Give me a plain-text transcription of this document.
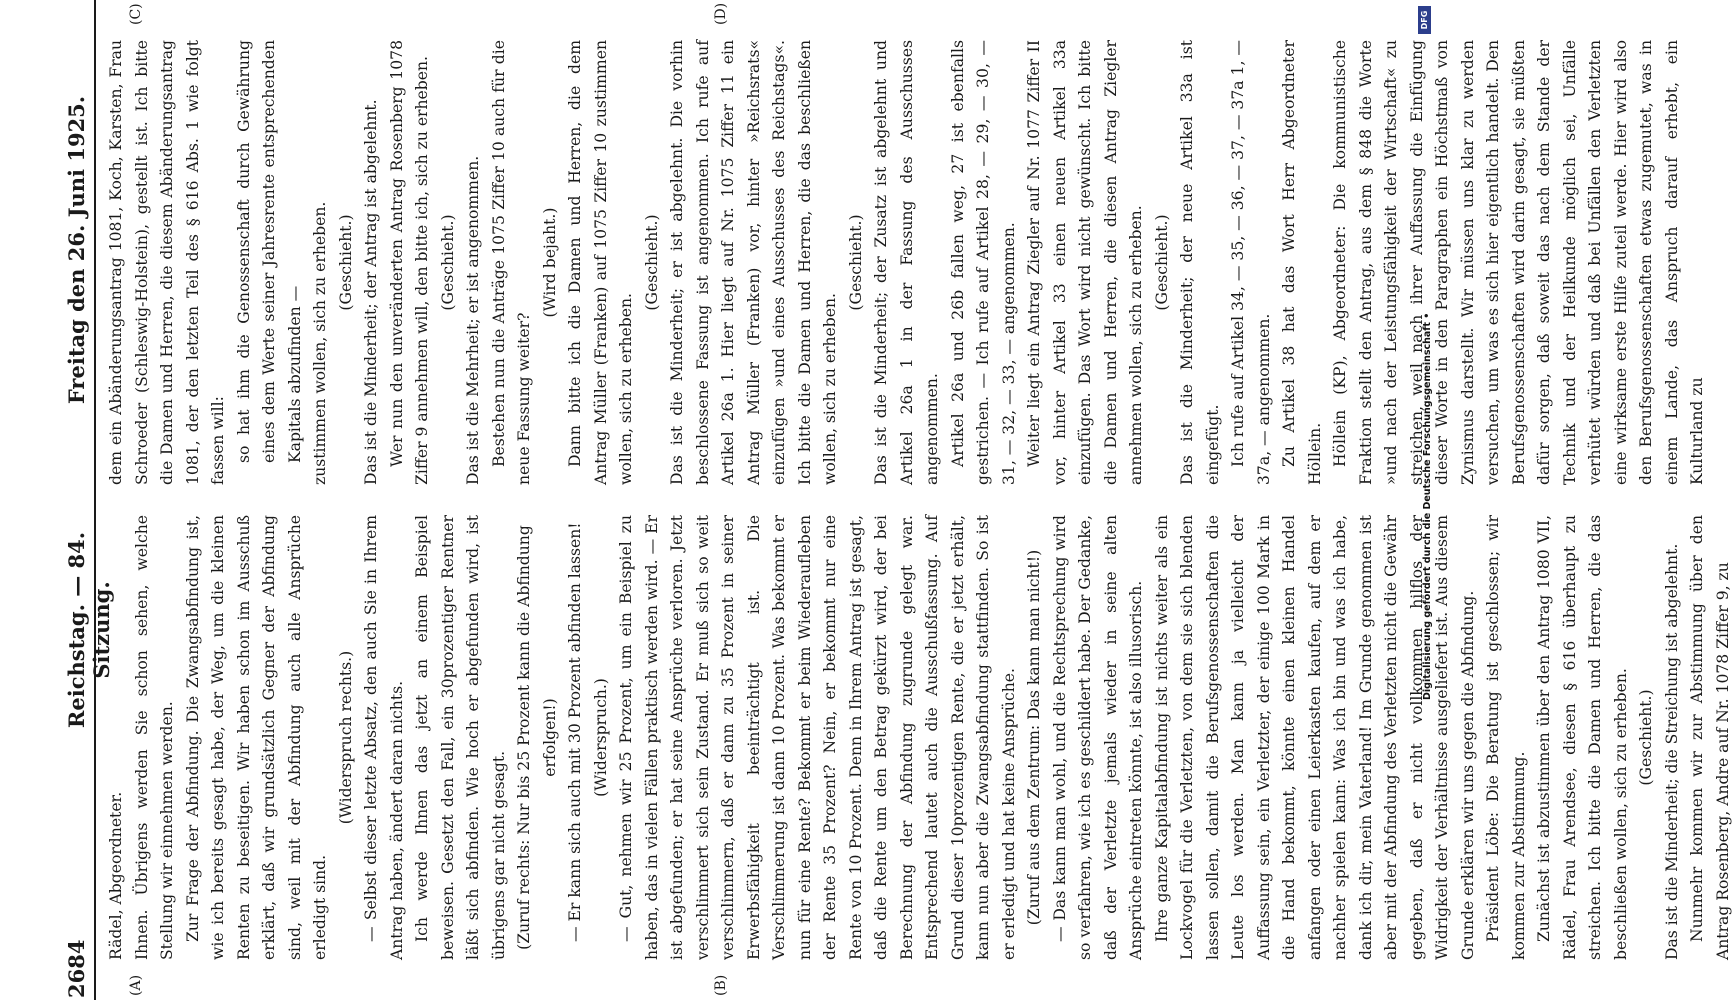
2684
Reichstag. — 84. Sitzung.
Freitag den 26. Juni 1925.
(A)	(B)
(C)	(D)

Rädel, Abgeordneter. Ihnen. Übrigens werden Sie schon sehen, welche Stellung wir einnehmen werden. Zur Frage der Abfindung. Die Zwangsabfindung ist, wie ich bereits gesagt habe, der Weg, um die kleinen Renten zu beseitigen. Wir haben schon im Ausschuß erklärt, daß wir grundsätzlich Gegner der Abfindung sind, weil mit der Abfindung auch alle Ansprüche erledigt sind.

(Widerspruch rechts.) — Selbst dieser letzte Absatz, den auch Sie in Ihrem Antrag haben, ändert daran nichts. Ich werde Ihnen das jetzt an einem Beispiel beweisen. Gesetzt den Fall, ein 30prozentiger Rentner läßt sich abfinden. Wie hoch er abgefunden wird, ist übrigens gar nicht gesagt. (Zuruf rechts: Nur bis 25 Prozent kann die Abfindung erfolgen!) — Er kann sich auch mit 30 Prozent abfinden lassen! (Widerspruch.) — Gut, nehmen wir 25 Prozent, um ein Beispiel zu haben, das in vielen Fällen praktisch werden wird. — Er ist abgefunden; er hat seine Ansprüche verloren. Jetzt verschlimmert sich sein Zustand. Er muß sich so weit verschlimmern, daß er dann zu 35 Prozent in seiner Erwerbsfähigkeit beeinträchtigt ist. Die Verschlimmerung ist dann 10 Prozent. Was bekommt er nun für eine Rente? Bekommt er beim Wiederaufleben der Rente 35 Prozent? Nein, er bekommt nur eine Rente von 10 Prozent. Denn in Ihrem Antrag ist gesagt, daß die Rente um den Betrag gekürzt wird, der bei Berechnung der Abfindung zugrunde gelegt war. Entsprechend lautet auch die Ausschußfassung. Auf Grund dieser 10prozentigen Rente, die er jetzt erhält, kann nun aber die Zwangsabfindung stattfinden. So ist er erledigt und hat keine Ansprüche. (Zuruf aus dem Zentrum: Das kann man nicht!) — Das kann man wohl, und die Rechtsprechung wird so verfahren, wie ich es geschildert habe. Der Gedanke, daß der Verletzte jemals wieder in seine alten Ansprüche eintreten könnte, ist also illusorisch. Ihre ganze Kapitalabfindung ist nichts weiter als ein Lockvogel für die Verletzten, von dem sie sich blenden lassen sollen, damit die Berufsgenossenschaften die Leute los werden. Man kann ja vielleicht der Auffassung sein, ein Verletzter, der einige 100 Mark in die Hand bekommt, könnte einen kleinen Handel anfangen oder einen Leierkasten kaufen, auf dem er nachher spielen kann: Was ich bin und was ich habe, dank ich dir, mein Vaterland! Im Grunde genommen ist aber mit der Abfindung des Verletzten nicht die Gewähr gegeben, daß er nicht vollkommen hilflos der Widrigkeit der Verhältnisse ausgeliefert ist. Aus diesem Grunde erklären wir uns gegen die Abfindung. Präsident Löbe: Die Beratung ist geschlossen; wir kommen zur Abstimmung. Zunächst ist abzustimmen über den Antrag 1080 VII, Rädel, Frau Arendsee, diesen § 616 überhaupt zu streichen. Ich bitte die Damen und Herren, die das beschließen wollen, sich zu erheben. (Geschieht.) Das ist die Minderheit; die Streichung ist abgelehnt. Nunmehr kommen wir zur Abstimmung über den Antrag Rosenberg, Andre auf Nr. 1078 Ziffer 9, zu

dem ein Abänderungsantrag 1081, Koch, Karsten, Frau Schroeder (Schleswig-Holstein), gestellt ist. Ich bitte die Damen und Herren, die diesem Abänderungsantrag 1081, der den letzten Teil des § 616 Abs. 1 wie folgt fassen will: so hat ihm die Genossenschaft durch Gewährung eines dem Werte seiner Jahresrente entsprechenden Kapitals abzufinden — zustimmen wollen, sich zu erheben. (Geschieht.) Das ist die Minderheit; der Antrag ist abgelehnt. Wer nun den unveränderten Antrag Rosenberg 1078 Ziffer 9 annehmen will, den bitte ich, sich zu erheben. (Geschieht.) Das ist die Mehrheit; er ist angenommen. Bestehen nun die Anträge 1075 Ziffer 10 auch für die neue Fassung weiter?

(Wird bejaht.) Dann bitte ich die Damen und Herren, die dem Antrag Müller (Franken) auf 1075 Ziffer 10 zustimmen wollen, sich zu erheben.

(Geschieht.) Das ist die Minderheit; er ist abgelehnt. Die vorhin beschlossene Fassung ist angenommen. Ich rufe auf Artikel 26a 1. Hier liegt auf Nr. 1075 Ziffer 11 ein Antrag Müller (Franken) vor, hinter »Reichsrats« einzufügen »und eines Ausschusses des Reichstags«. Ich bitte die Damen und Herren, die das beschließen wollen, sich zu erheben.

(Geschieht.) Das ist die Minderheit; der Zusatz ist abgelehnt und Artikel 26a 1 in der Fassung des Ausschusses angenommen. Artikel 26a und 26b fallen weg, 27 ist ebenfalls gestrichen. — Ich rufe auf Artikel 28, — 29, — 30, — 31, — 32, — 33, — angenommen. Weiter liegt ein Antrag Ziegler auf Nr. 1077 Ziffer II vor, hinter Artikel 33 einen neuen Artikel 33a einzufügen. Das Wort wird nicht gewünscht. Ich bitte die Damen und Herren, die diesen Antrag Ziegler annehmen wollen, sich zu erheben. (Geschieht.) Das ist die Minderheit; der neue Artikel 33a ist eingefügt. Ich rufe auf Artikel 34, — 35, — 36, — 37, — 37a 1, — 37a, — angenommen. Zu Artikel 38 hat das Wort Herr Abgeordneter Höllein. Höllein (KP), Abgeordneter: Die kommunistische Fraktion stellt den Antrag, aus dem § 848 die Worte »und nach der Leistungsfähigkeit der Wirtschaft« zu streichen, weil nach ihrer Auffassung die Einfügung dieser Worte in den Paragraphen ein Höchstmaß von Zynismus darstellt. Wir müssen uns klar zu werden versuchen, um was es sich hier eigentlich handelt. Den Berufsgenossenschaften wird darin gesagt, sie müßten dafür sorgen, daß soweit das nach dem Stande der Technik und der Heilkunde möglich sei, Unfälle verhütet würden und daß bei Unfällen den Verletzten eine wirksame erste Hilfe zuteil werde. Hier wird also den Berufsgenossenschaften etwas zugemutet, was in einem Lande, das Anspruch darauf erhebt, ein Kulturland zu

Digitalisierung gefördert durch die Deutsche Forschungsgemeinschaft •
DFG
